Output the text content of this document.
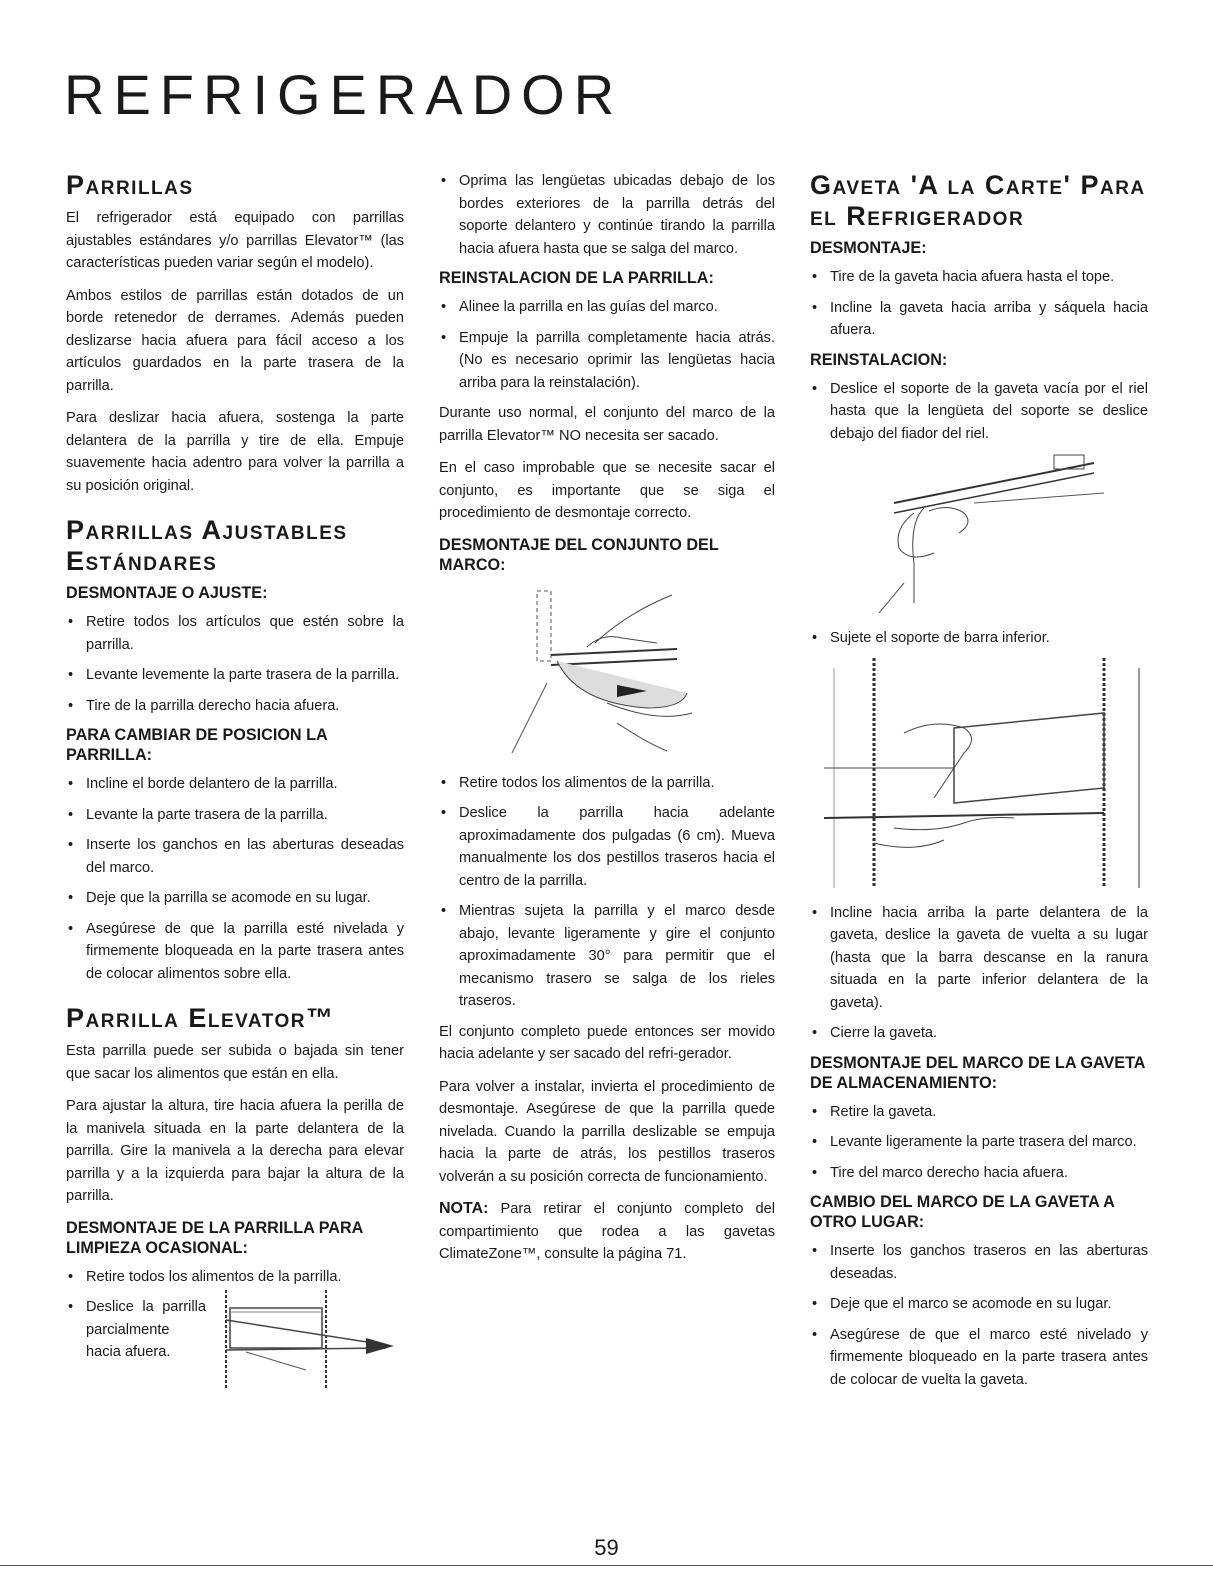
REFRIGERADOR
Parrillas

El refrigerador está equipado con parrillas ajustables estándares y/o parrillas Elevator™ (las características pueden variar según el modelo).

Ambos estilos de parrillas están dotados de un borde retenedor de derrames. Además pueden deslizarse hacia afuera para fácil acceso a los artículos guardados en la parte trasera de la parrilla.

Para deslizar hacia afuera, sostenga la parte delantera de la parrilla y tire de ella. Empuje suavemente hacia adentro para volver la parrilla a su posición original.

Parrillas Ajustables Estándares
DESMONTAJE O AJUSTE:
• Retire todos los artículos que estén sobre la parrilla.
• Levante levemente la parte trasera de la parrilla.
• Tire de la parrilla derecho hacia afuera.
PARA CAMBIAR DE POSICION LA PARRILLA:
• Incline el borde delantero de la parrilla.
• Levante la parte trasera de la parrilla.
• Inserte los ganchos en las aberturas deseadas del marco.
• Deje que la parrilla se acomode en su lugar.
• Asegúrese de que la parrilla esté nivelada y firmemente bloqueada en la parte trasera antes de colocar alimentos sobre ella.
Parrilla Elevator™

Esta parrilla puede ser subida o bajada sin tener que sacar los alimentos que están en ella.

Para ajustar la altura, tire hacia afuera la perilla de la manivela situada en la parte delantera de la parrilla. Gire la manivela a la derecha para elevar parrilla y a la izquierda para bajar la altura de la parrilla.

DESMONTAJE DE LA PARRILLA PARA LIMPIEZA OCASIONAL:
• Retire todos los alimentos de la parrilla.
• Deslice la parrilla parcialmente hacia afuera.
• Oprima las lengüetas ubicadas debajo de los bordes exteriores de la parrilla detrás del soporte delantero y continúe tirando la parrilla hacia afuera hasta que se salga del marco.
REINSTALACION DE LA PARRILLA:
• Alinee la parrilla en las guías del marco.
• Empuje la parrilla completamente hacia atrás. (No es necesario oprimir las lengüetas hacia arriba para la reinstalación).

Durante uso normal, el conjunto del marco de la parrilla Elevator™ NO necesita ser sacado.

En el caso improbable que se necesite sacar el conjunto, es importante que se siga el procedimiento de desmontaje correcto.

DESMONTAJE DEL CONJUNTO DEL MARCO:
• Retire todos los alimentos de la parrilla.
• Deslice la parrilla hacia adelante aproximadamente dos pulgadas (6 cm). Mueva manualmente los dos pestillos traseros hacia el centro de la parrilla.
• Mientras sujeta la parrilla y el marco desde abajo, levante ligeramente y gire el conjunto aproximadamente 30° para permitir que el mecanismo trasero se salga de los rieles traseros.

El conjunto completo puede entonces ser movido hacia adelante y ser sacado del refri-gerador.

Para volver a instalar, invierta el procedimiento de desmontaje. Asegúrese de que la parrilla quede nivelada. Cuando la parrilla deslizable se empuja hacia la parte de atrás, los pestillos traseros volverán a su posición correcta de funcionamiento.

NOTA: Para retirar el conjunto completo del compartimiento que rodea a las gavetas ClimateZone™, consulte la página 71.

Gaveta 'A la Carte' Para el Refrigerador
DESMONTAJE:
• Tire de la gaveta hacia afuera hasta el tope.
• Incline la gaveta hacia arriba y sáquela hacia afuera.
REINSTALACION:
• Deslice el soporte de la gaveta vacía por el riel hasta que la lengüeta del soporte se deslice debajo del fiador del riel.
• Sujete el soporte de barra inferior.
• Incline hacia arriba la parte delantera de la gaveta, deslice la gaveta de vuelta a su lugar (hasta que la barra descanse en la ranura situada en la parte inferior delantera de la gaveta).
• Cierre la gaveta.
DESMONTAJE DEL MARCO DE LA GAVETA DE ALMACENAMIENTO:
• Retire la gaveta.
• Levante ligeramente la parte trasera del marco.
• Tire del marco derecho hacia afuera.
CAMBIO DEL MARCO DE LA GAVETA A OTRO LUGAR:
• Inserte los ganchos traseros en las aberturas deseadas.
• Deje que el marco se acomode en su lugar.
• Asegúrese de que el marco esté nivelado y firmemente bloqueado en la parte trasera antes de colocar de vuelta la gaveta.
59
